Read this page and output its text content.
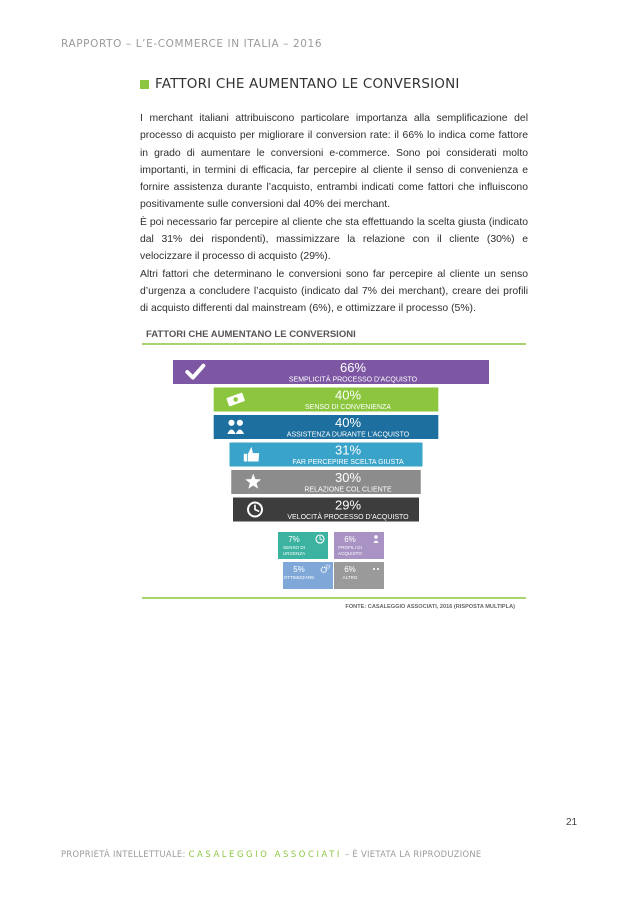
RAPPORTO – L’E-COMMERCE IN ITALIA – 2016
FATTORI CHE AUMENTANO LE CONVERSIONI

I merchant italiani attribuiscono particolare importanza alla semplificazione del processo di acquisto per migliorare il conversion rate: il 66% lo indica come fattore in grado di aumentare le conversioni e-commerce. Sono poi considerati molto importanti, in termini di efficacia, far percepire al cliente il senso di convenienza e fornire assistenza durante l’acquisto, entrambi indicati come fattori che influiscono positivamente sulle conversioni dal 40% dei merchant.

È poi necessario far percepire al cliente che sta effettuando la scelta giusta (indicato dal 31% dei rispondenti), massimizzare la relazione con il cliente (30%) e velocizzare il processo di acquisto (29%).

Altri fattori che determinano le conversioni sono far percepire al cliente un senso d’urgenza a concludere l’acquisto (indicato dal 7% dei merchant), creare dei profili di acquisto differenti dal mainstream (6%), e ottimizzare il processo (5%).

FATTORI CHE AUMENTANO LE CONVERSIONI
66%
SEMPLICITÀ PROCESSO D’ACQUISTO
40%
SENSO DI CONVENIENZA
40%
ASSISTENZA DURANTE L’ACQUISTO
31%
FAR PERCEPIRE SCELTA GIUSTA
30%
RELAZIONE COL CLIENTE
29%
VELOCITÀ PROCESSO D’ACQUISTO
7%
SENSO DI
URGENZA
6%
PROFILI DI
ACQUISTO
5%
OTTIMIZZARE
6%
ALTRO
FONTE: CASALEGGIO ASSOCIATI, 2016 (RISPOSTA MULTIPLA)
PROPRIETÀ INTELLETTUALE: CASALEGGIO ASSOCIATI – È VIETATA LA RIPRODUZIONE
21
